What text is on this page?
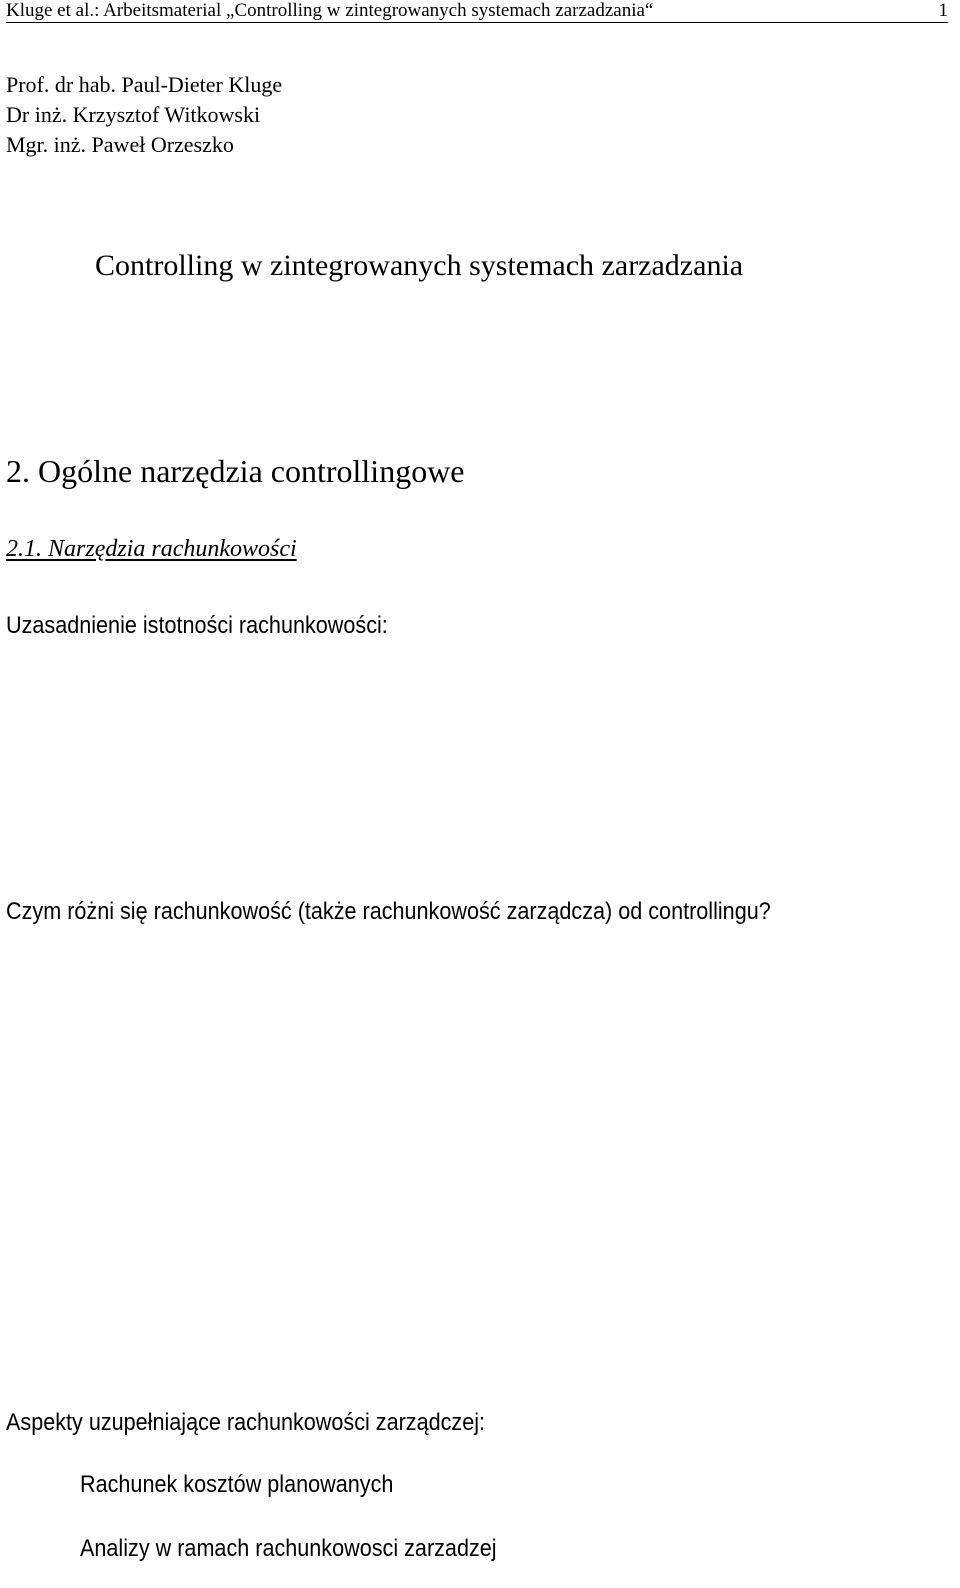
Kluge et al.: Arbeitsmaterial „Controlling w zintegrowanych systemach zarzadzania“	1
Prof. dr hab. Paul-Dieter Kluge
Dr inż. Krzysztof Witkowski
Mgr. inż. Paweł Orzeszko
Controlling w zintegrowanych systemach zarzadzania
2. Ogólne narzędzia controllingowe
2.1. Narzędzia rachunkowości
Uzasadnienie istotności rachunkowości:
Czym różni się rachunkowość (także rachunkowość zarządcza) od controllingu?
Aspekty uzupełniające rachunkowości zarządczej:
Rachunek kosztów planowanych
Analizy w ramach rachunkowosci zarzadzej
